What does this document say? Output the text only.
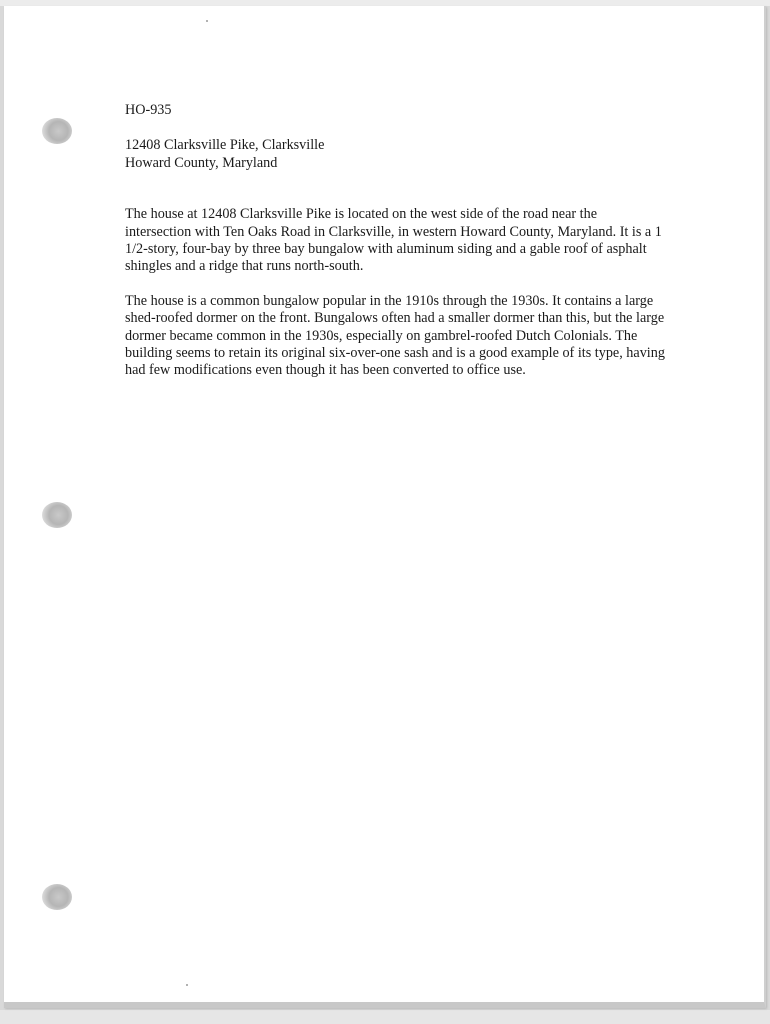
HO-935

12408 Clarksville Pike, Clarksville

Howard County, Maryland

The house at 12408 Clarksville Pike is located on the west side of the road near the intersection with Ten Oaks Road in Clarksville, in western Howard County, Maryland. It is a 1 1/2-story, four-bay by three bay bungalow with aluminum siding and a gable roof of asphalt shingles and a ridge that runs north-south.

The house is a common bungalow popular in the 1910s through the 1930s. It contains a large shed-roofed dormer on the front. Bungalows often had a smaller dormer than this, but the large dormer became common in the 1930s, especially on gambrel-roofed Dutch Colonials. The building seems to retain its original six-over-one sash and is a good example of its type, having had few modifications even though it has been converted to office use.
